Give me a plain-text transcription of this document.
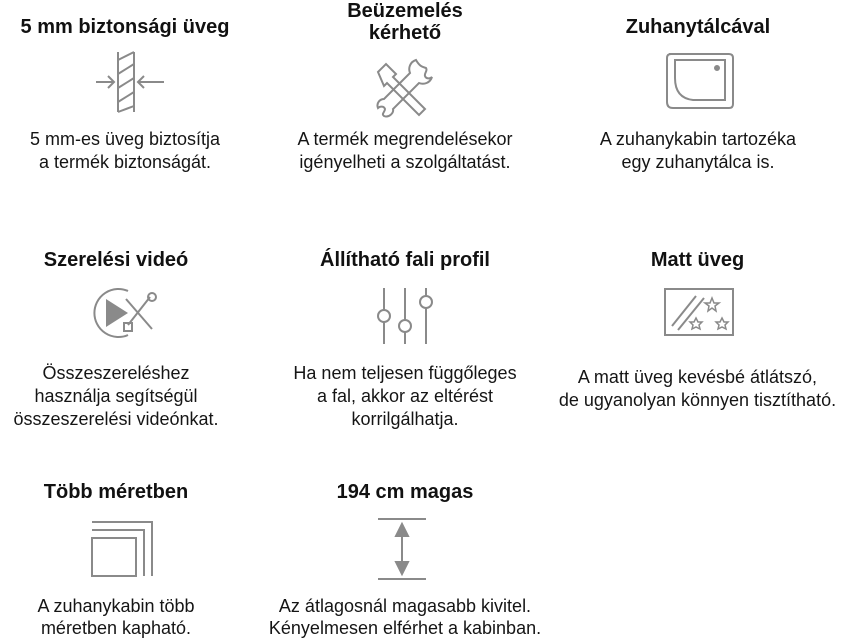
5 mm biztonsági üveg
5 mm-es üveg biztosítja
a termék biztonságát.
Beüzemelés
kérhető
A termék megrendelésekor
igényelheti a szolgáltatást.
Zuhanytálcával
A zuhanykabin tartozéka
egy zuhanytálca is.
Szerelési videó
Összeszereléshez
használja segítségül
összeszerelési videónkat.
Állítható fali profil
Ha nem teljesen függőleges
a fal, akkor az eltérést
korrilgálhatja.
Matt üveg
A matt üveg kevésbé átlátszó,
de ugyanolyan könnyen tisztítható.
Több méretben
A zuhanykabin több
méretben kapható.
194 cm magas
Az átlagosnál magasabb kivitel.
Kényelmesen elférhet a kabinban.
